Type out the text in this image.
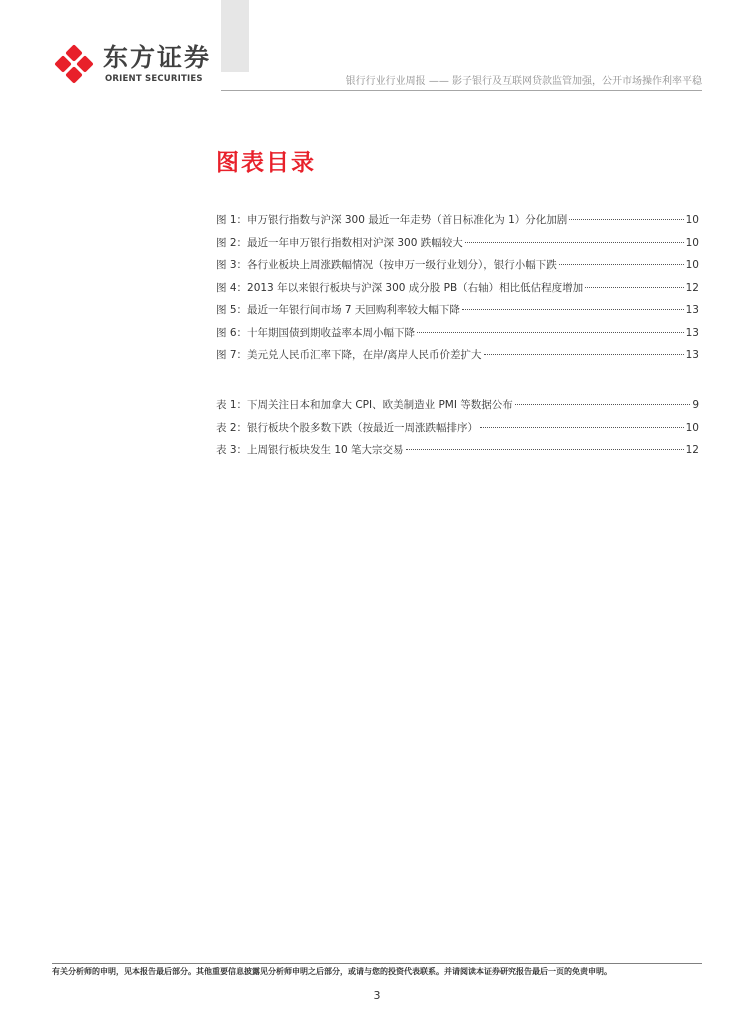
东方证券
ORIENT SECURITIES	银行行业行业周报 —— 影子银行及互联网贷款监管加强，公开市场操作利率平稳
图表目录
图 1：申万银行指数与沪深 300 最近一年走势（首日标准化为 1）分化加剧	10
图 2：最近一年申万银行指数相对沪深 300 跌幅较大	10
图 3：各行业板块上周涨跌幅情况（按申万一级行业划分），银行小幅下跌	10
图 4：2013 年以来银行板块与沪深 300 成分股 PB（右轴）相比低估程度增加	12
图 5：最近一年银行间市场 7 天回购利率较大幅下降	13
图 6：十年期国债到期收益率本周小幅下降	13
图 7：美元兑人民币汇率下降，在岸/离岸人民币价差扩大	13
表 1：下周关注日本和加拿大 CPI、欧美制造业 PMI 等数据公布	9
表 2：银行板块个股多数下跌（按最近一周涨跌幅排序）	10
表 3：上周银行板块发生 10 笔大宗交易	12
有关分析师的申明，见本报告最后部分。其他重要信息披露见分析师申明之后部分，或请与您的投资代表联系。并请阅读本证券研究报告最后一页的免责申明。
3
